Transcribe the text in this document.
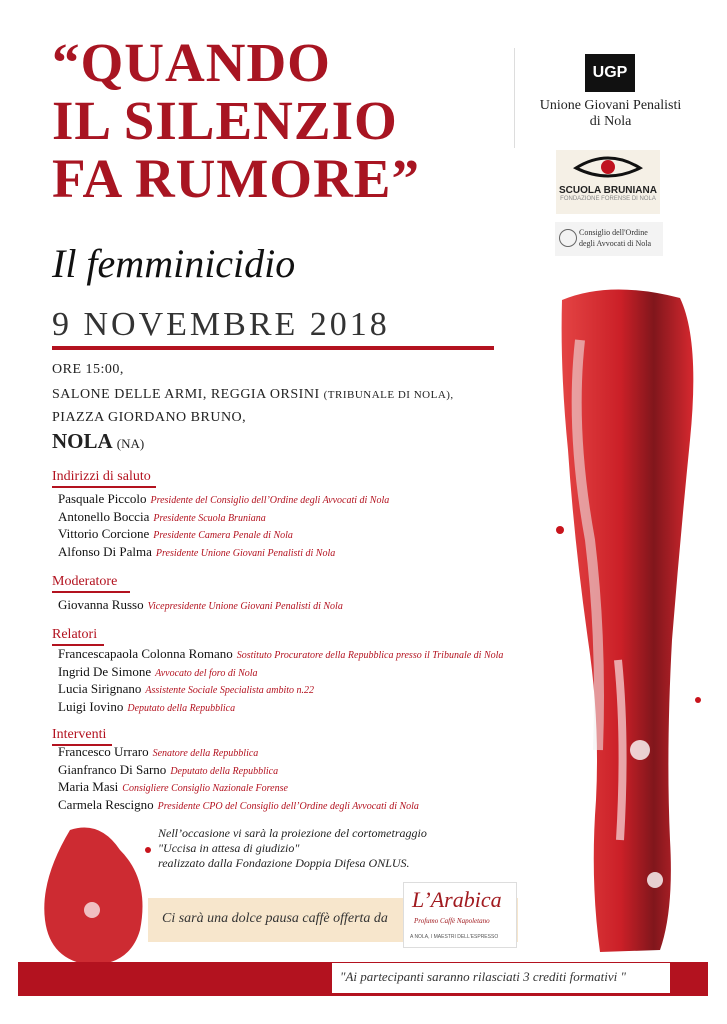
“QUANDO
IL SILENZIO
FA RUMORE”
UGP
Unione Giovani Penalisti
di Nola
SCUOLA BRUNIANA
FONDAZIONE FORENSE DI NOLA
Consiglio dell'Ordine
degli Avvocati di Nola
Il femminicidio
9 NOVEMBRE 2018
ORE 15:00,
SALONE DELLE ARMI, REGGIA ORSINI (TRIBUNALE DI NOLA),
PIAZZA GIORDANO BRUNO,
NOLA (NA)
Indirizzi di saluto
Pasquale Piccolo Presidente del Consiglio dell’Ordine degli Avvocati di Nola
Antonello Boccia Presidente Scuola Bruniana
Vittorio Corcione Presidente Camera Penale di Nola
Alfonso Di Palma Presidente Unione Giovani Penalisti di Nola
Moderatore
Giovanna Russo Vicepresidente Unione Giovani Penalisti di Nola
Relatori
Francescapaola Colonna Romano Sostituto Procuratore della Repubblica presso il Tribunale di Nola
Ingrid De Simone Avvocato del foro di Nola
Lucia Sirignano Assistente Sociale Specialista ambito n.22
Luigi Iovino Deputato della Repubblica
Interventi
Francesco Urraro Senatore della Repubblica
Gianfranco Di Sarno Deputato della Repubblica
Maria Masi Consigliere Consiglio Nazionale Forense
Carmela Rescigno Presidente CPO del Consiglio dell’Ordine degli Avvocati di Nola
Nell’occasione vi sarà la proiezione del cortometraggio
"Uccisa in attesa di giudizio"
realizzato dalla Fondazione Doppia Difesa ONLUS.
Ci sarà una dolce pausa caffè offerta da
L’Arabica
Profumo Caffè Napoletano
A NOLA, I MAESTRI DELL'ESPRESSO
"Ai partecipanti saranno rilasciati 3 crediti formativi "
